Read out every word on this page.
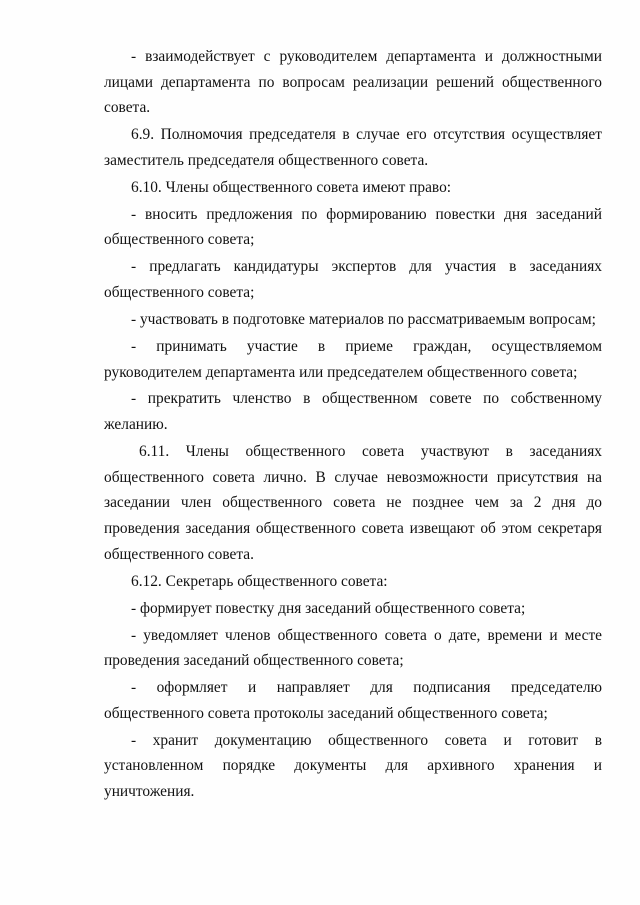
- взаимодействует с руководителем департамента и должностными лицами департамента по вопросам реализации решений общественного совета.

6.9. Полномочия председателя в случае его отсутствия осуществляет заместитель председателя общественного совета.

6.10. Члены общественного совета имеют право:

- вносить предложения по формированию повестки дня заседаний общественного совета;

- предлагать кандидатуры экспертов для участия в заседаниях общественного совета;

- участвовать в подготовке материалов по рассматриваемым вопросам;

- принимать участие в приеме граждан, осуществляемом руководителем департамента или председателем общественного совета;

- прекратить членство в общественном совете по собственному желанию.

6.11. Члены общественного совета участвуют в заседаниях общественного совета лично. В случае невозможности присутствия на заседании член общественного совета не позднее чем за 2 дня до проведения заседания общественного совета извещают об этом секретаря общественного совета.

6.12. Секретарь общественного совета:

- формирует повестку дня заседаний общественного совета;

- уведомляет членов общественного совета о дате, времени и месте проведения заседаний общественного совета;

- оформляет и направляет для подписания председателю общественного совета протоколы заседаний общественного совета;

- хранит документацию общественного совета и готовит в установленном порядке документы для архивного хранения и уничтожения.
